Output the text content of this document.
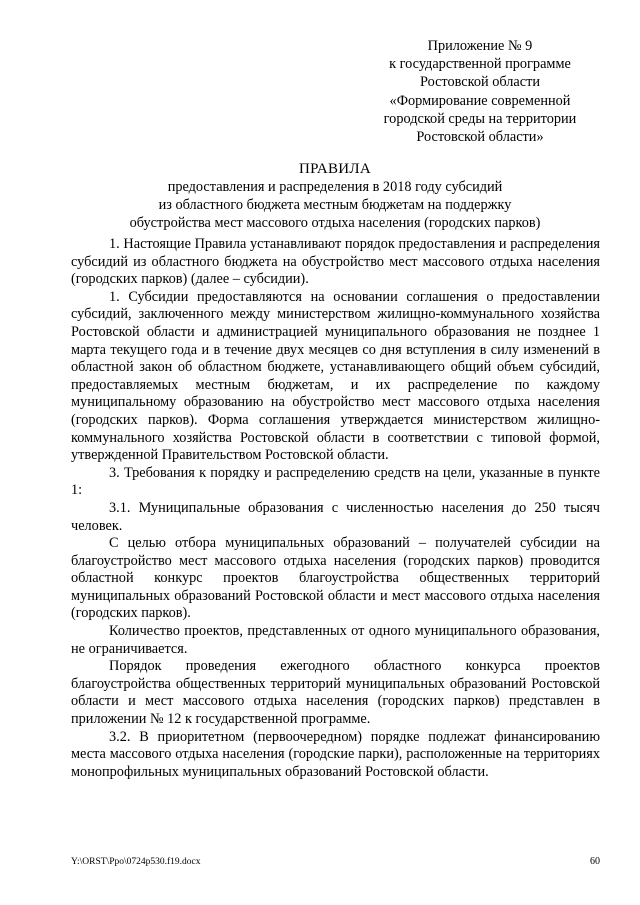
Приложение № 9
к государственной программе
Ростовской области
«Формирование современной
городской среды на территории
Ростовской области»
ПРАВИЛА
предоставления и распределения в 2018 году субсидий
из областного бюджета местным бюджетам на поддержку
обустройства мест массового отдыха населения (городских парков)

1. Настоящие Правила устанавливают порядок предоставления и распределения субсидий из областного бюджета на обустройство мест массового отдыха населения (городских парков) (далее – субсидии).

1. Субсидии предоставляются на основании соглашения о предоставлении субсидий, заключенного между министерством жилищно-коммунального хозяйства Ростовской области и администрацией муниципального образования не позднее 1 марта текущего года и в течение двух месяцев со дня вступления в силу изменений в областной закон об областном бюджете, устанавливающего общий объем субсидий, предоставляемых местным бюджетам, и их распределение по каждому муниципальному образованию на обустройство мест массового отдыха населения (городских парков). Форма соглашения утверждается министерством жилищно-коммунального хозяйства Ростовской области в соответствии с типовой формой, утвержденной Правительством Ростовской области.

3. Требования к порядку и распределению средств на цели, указанные в пункте 1:

3.1. Муниципальные образования с численностью населения до 250 тысяч человек.

С целью отбора муниципальных образований – получателей субсидии на благоустройство мест массового отдыха населения (городских парков) проводится областной конкурс проектов благоустройства общественных территорий муниципальных образований Ростовской области и мест массового отдыха населения (городских парков).

Количество проектов, представленных от одного муниципального образования, не ограничивается.

Порядок проведения ежегодного областного конкурса проектов благоустройства общественных территорий муниципальных образований Ростовской области и мест массового отдыха населения (городских парков) представлен в приложении № 12 к государственной программе.

3.2. В приоритетном (первоочередном) порядке подлежат финансированию места массового отдыха населения (городские парки), расположенные на территориях монопрофильных муниципальных образований Ростовской области.

Y:\ORST\Ppo\0724p530.f19.docx	60
